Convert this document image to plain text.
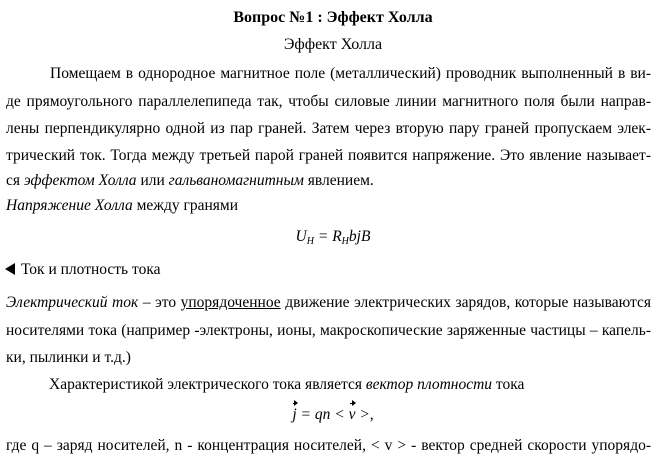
Вопрос №1 : Эффект Холла
Эффект Холла
Помещаем в однородное магнитное поле (металлический) проводник выполненный в ви-
де прямоугольного параллелепипеда так, чтобы силовые линии магнитного поля были направ-
лены перпендикулярно одной из пар граней. Затем через вторую пару граней пропускаем элек-
трический ток. Тогда между третьей парой граней появится напряжение. Это явление называет-
ся эффектом Холла или гальваномагнитным явлением.
Напряжение Холла между гранями
$U_H = R_HbjB$
Ток и плотность тока
Электрический ток – это упорядоченное движение электрических зарядов, которые называются
носителями тока (например -электроны, ионы, макроскопические заряженные частицы – капель-
ки, пылинки и т.д.)
Характеристикой электрического тока является вектор плотности тока
j = qn < v >,
где q – заряд носителей, n - концентрация носителей, < v > - вектор средней скорости упорядо-
